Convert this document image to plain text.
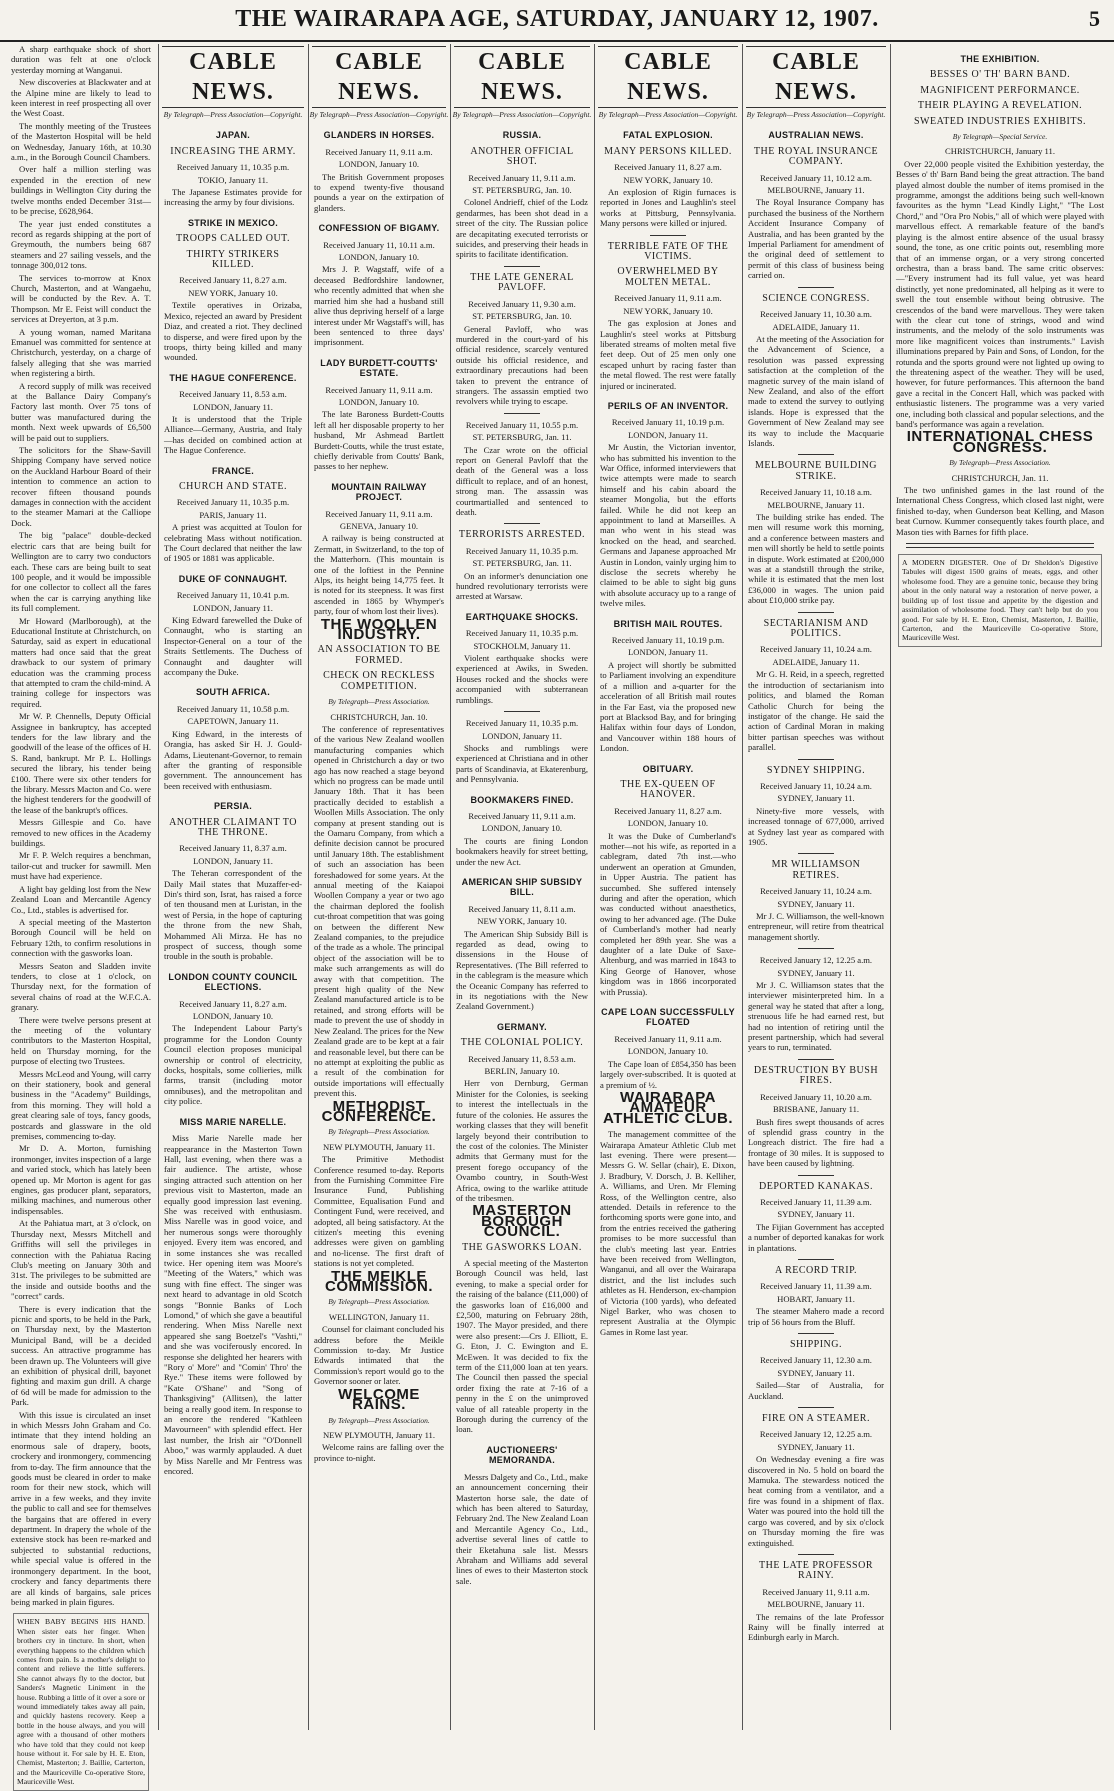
THE WAIRARAPA AGE, SATURDAY, JANUARY 12, 1907.	5

A sharp earthquake shock of short duration was felt at one o'clock yesterday morning at Wanganui.

New discoveries at Blackwater and at the Alpine mine are likely to lead to keen interest in reef prospecting all over the West Coast.

The monthly meeting of the Trustees of the Masterton Hospital will be held on Wednesday, January 16th, at 10.30 a.m., in the Borough Council Chambers.

Over half a million sterling was expended in the erection of new buildings in Wellington City during the twelve months ended December 31st—to be precise, £628,964.

The year just ended constitutes a record as regards shipping at the port of Greymouth, the numbers being 687 steamers and 27 sailing vessels, and the tonnage 300,012 tons.

The services to-morrow at Knox Church, Masterton, and at Wangaehu, will be conducted by the Rev. A. T. Thompson. Mr E. Feist will conduct the services at Dreyerton, at 3 p.m.

A young woman, named Maritana Emanuel was committed for sentence at Christchurch, yesterday, on a charge of falsely alleging that she was married when registering a birth.

A record supply of milk was received at the Ballance Dairy Company's Factory last month. Over 75 tons of butter was manufactured during the month. Next week upwards of £6,500 will be paid out to suppliers.

The solicitors for the Shaw-Savill Shipping Company have served notice on the Auckland Harbour Board of their intention to commence an action to recover fifteen thousand pounds damages in connection with the accident to the steamer Mamari at the Calliope Dock.

The big "palace" double-decked electric cars that are being built for Wellington are to carry two conductors each. These cars are being built to seat 100 people, and it would be impossible for one collector to collect all the fares when the car is carrying anything like its full complement.

Mr Howard (Marlborough), at the Educational Institute at Christchurch, on Saturday, said as expert in educational matters had once said that the great drawback to our system of primary education was the cramming process that attempted to cram the child-mind. A training college for inspectors was required.

Mr W. P. Chennells, Deputy Official Assignee in bankruptcy, has accepted tenders for the law library and the goodwill of the lease of the offices of H. S. Rand, bankrupt. Mr P. L. Hollings secured the library, his tender being £100. There were six other tenders for the library. Messrs Macton and Co. were the highest tenderers for the goodwill of the lease of the bankrupt's offices.

Messrs Gillespie and Co. have removed to new offices in the Academy buildings.

Mr F. P. Welch requires a benchman, tailor-cut and trucker for sawmill. Men must have had experience.

A light bay gelding lost from the New Zealand Loan and Mercantile Agency Co., Ltd., stables is advertised for.

A special meeting of the Masterton Borough Council will be held on February 12th, to confirm resolutions in connection with the gasworks loan.

Messrs Seaton and Sladden invite tenders, to close at 1 o'clock, on Thursday next, for the formation of several chains of road at the W.F.C.A. granary.

There were twelve persons present at the meeting of the voluntary contributors to the Masterton Hospital, held on Thursday morning, for the purpose of electing two Trustees.

Messrs McLeod and Young, will carry on their stationery, book and general business in the "Academy" Buildings, from this morning. They will hold a great clearing sale of toys, fancy goods, postcards and glassware in the old premises, commencing to-day.

Mr D. A. Morton, furnishing ironmonger, invites inspection of a large and varied stock, which has lately been opened up. Mr Morton is agent for gas engines, gas producer plant, separators, milking machines, and numerous other indispensables.

At the Pahiatua mart, at 3 o'clock, on Thursday next, Messrs Mitchell and Griffiths will sell the privileges in connection with the Pahiatua Racing Club's meeting on January 30th and 31st. The privileges to be submitted are the inside and outside booths and the "correct" cards.

There is every indication that the picnic and sports, to be held in the Park, on Thursday next, by the Masterton Municipal Band, will be a decided success. An attractive programme has been drawn up. The Volunteers will give an exhibition of physical drill, bayonet fighting and maxim gun drill. A charge of 6d will be made for admission to the Park.

With this issue is circulated an inset in which Messrs John Graham and Co. intimate that they intend holding an enormous sale of drapery, boots, crockery and ironmongery, commencing from to-day. The firm announce that the goods must be cleared in order to make room for their new stock, which will arrive in a few weeks, and they invite the public to call and see for themselves the bargains that are offered in every department. In drapery the whole of the extensive stock has been re-marked and subjected to substantial reductions, while special value is offered in the ironmongery department. In the boot, crockery and fancy departments there are all kinds of bargains, sale prices being marked in plain figures.

WHEN BABY BEGINS HIS HAND. When sister eats her finger. When brothers cry in tincture. In short, when everything happens to the children which comes from pain. Is a mother's delight to content and relieve the little sufferers. She cannot always fly to the doctor, but Sanders's Magnetic Liniment in the house. Rubbing a little of it over a sore or wound immediately takes away all pain, and quickly hastens recovery. Keep a bottle in the house always, and you will agree with a thousand of other mothers who have told that they could not keep house without it. For sale by H. E. Eton, Chemist, Masterton; J. Baillie, Carterton, and the Mauriceville Co-operative Store, Mauriceville West.
CABLE NEWS.
By Telegraph—Press Association—Copyright.
JAPAN.
INCREASING THE ARMY.
Received January 11, 10.35 p.m.
TOKIO, January 11.

The Japanese Estimates provide for increasing the army by four divisions.

STRIKE IN MEXICO.
TROOPS CALLED OUT.
THIRTY STRIKERS KILLED.
Received January 11, 8.27 a.m.
NEW YORK, January 10.

Textile operatives in Orizaba, Mexico, rejected an award by President Diaz, and created a riot. They declined to disperse, and were fired upon by the troops, thirty being killed and many wounded.

THE HAGUE CONFERENCE.
Received January 11, 8.53 a.m.
LONDON, January 11.

It is understood that the Triple Alliance—Germany, Austria, and Italy—has decided on combined action at The Hague Conference.

FRANCE.
CHURCH AND STATE.
Received January 11, 10.35 p.m.
PARIS, January 11.

A priest was acquitted at Toulon for celebrating Mass without notification. The Court declared that neither the law of 1905 or 1881 was applicable.

DUKE OF CONNAUGHT.
Received January 11, 10.41 p.m.
LONDON, January 11.

King Edward farewelled the Duke of Connaught, who is starting an Inspector-General on a tour of the Straits Settlements. The Duchess of Connaught and daughter will accompany the Duke.

SOUTH AFRICA.
Received January 11, 10.58 p.m.
CAPETOWN, January 11.

King Edward, in the interests of Orangia, has asked Sir H. J. Gould-Adams, Lieutenant-Governor, to remain after the granting of responsible government. The announcement has been received with enthusiasm.

PERSIA.
ANOTHER CLAIMANT TO THE THRONE.
Received January 11, 8.37 a.m.
LONDON, January 11.

The Teheran correspondent of the Daily Mail states that Muzaffer-ed-Din's third son, Israt, has raised a force of ten thousand men at Luristan, in the west of Persia, in the hope of capturing the throne from the new Shah, Mohammed Ali Mirza. He has no prospect of success, though some trouble in the south is probable.

LONDON COUNTY COUNCIL ELECTIONS.
Received January 11, 8.27 a.m.
LONDON, January 10.

The Independent Labour Party's programme for the London County Council election proposes municipal ownership or control of electricity, docks, hospitals, some collieries, milk farms, transit (including motor omnibuses), and the metropolitan and city police.

MISS MARIE NARELLE.

Miss Marie Narelle made her reappearance in the Masterton Town Hall, last evening, when there was a fair audience. The artiste, whose singing attracted such attention on her previous visit to Masterton, made an equally good impression last evening. She was received with enthusiasm. Miss Narelle was in good voice, and her numerous songs were thoroughly enjoyed. Every item was encored, and in some instances she was recalled twice. Her opening item was Moore's "Meeting of the Waters," which was sung with fine effect. The singer was next heard to advantage in old Scotch songs "Bonnie Banks of Loch Lomond," of which she gave a beautiful rendering. When Miss Narelle next appeared she sang Boetzel's "Vashti," and she was vociferously encored. In response she delighted her hearers with "Rory o' More" and "Comin' Thro' the Rye." These items were followed by "Kate O'Shane" and "Song of Thanksgiving" (Allitsen), the latter being a really good item. In response to an encore the rendered "Kathleen Mavourneen" with splendid effect. Her last number, the Irish air "O'Donnell Aboo," was warmly applauded. A duet by Miss Narelle and Mr Fentress was encored.

CABLE NEWS.
By Telegraph—Press Association—Copyright.
GLANDERS IN HORSES.
Received January 11, 9.11 a.m.
LONDON, January 10.

The British Government proposes to expend twenty-five thousand pounds a year on the extirpation of glanders.

CONFESSION OF BIGAMY.
Received January 11, 10.11 a.m.
LONDON, January 10.

Mrs J. P. Wagstaff, wife of a deceased Bedfordshire landowner, who recently admitted that when she married him she had a husband still alive thus depriving herself of a large interest under Mr Wagstaff's will, has been sentenced to three days' imprisonment.

LADY BURDETT-COUTTS' ESTATE.
Received January 11, 9.11 a.m.
LONDON, January 10.

The late Baroness Burdett-Coutts left all her disposable property to her husband, Mr Ashmead Bartlett Burdett-Coutts, while the trust estate, chiefly derivable from Coutts' Bank, passes to her nephew.

MOUNTAIN RAILWAY PROJECT.
Received January 11, 9.11 a.m.
GENEVA, January 10.

A railway is being constructed at Zermatt, in Switzerland, to the top of the Matterhorn. (This mountain is one of the loftiest in the Pennine Alps, its height being 14,775 feet. It is noted for its steepness. It was first ascended in 1865 by Whymper's party, four of whom lost their lives).

THE WOOLLEN INDUSTRY.
AN ASSOCIATION TO BE FORMED.
CHECK ON RECKLESS COMPETITION.
By Telegraph—Press Association.
CHRISTCHURCH, Jan. 10.

The conference of representatives of the various New Zealand woollen manufacturing companies which opened in Christchurch a day or two ago has now reached a stage beyond which no progress can be made until January 18th. That it has been practically decided to establish a Woollen Mills Association. The only company at present standing out is the Oamaru Company, from which a definite decision cannot be procured until January 18th. The establishment of such an association has been foreshadowed for some years. At the annual meeting of the Kaiapoi Woollen Company a year or two ago the chairman deplored the foolish cut-throat competition that was going on between the different New Zealand companies, to the prejudice of the trade as a whole. The principal object of the association will be to make such arrangements as will do away with that competition. The present high quality of the New Zealand manufactured article is to be retained, and strong efforts will be made to prevent the use of shoddy in New Zealand. The prices for the New Zealand grade are to be kept at a fair and reasonable level, but there can be no attempt at exploiting the public as a result of the combination for outside importations will effectually prevent this.

METHODIST CONFERENCE.
By Telegraph—Press Association.
NEW PLYMOUTH, January 11.

The Primitive Methodist Conference resumed to-day. Reports from the Furnishing Committee Fire Insurance Fund, Publishing Committee, Equalisation Fund and Contingent Fund, were received, and adopted, all being satisfactory. At the citizen's meeting this evening addresses were given on gambling and no-license. The first draft of stations is not yet completed.

THE MEIKLE COMMISSION.
By Telegraph—Press Association.
WELLINGTON, January 11.

Counsel for claimant concluded his address before the Meikle Commission to-day. Mr Justice Edwards intimated that the Commission's report would go to the Governor sooner or later.

WELCOME RAINS.
By Telegraph—Press Association.
NEW PLYMOUTH, January 11.

Welcome rains are falling over the province to-night.

CABLE NEWS.
By Telegraph—Press Association—Copyright.
RUSSIA.
ANOTHER OFFICIAL SHOT.
Received January 11, 9.11 a.m.
ST. PETERSBURG, Jan. 10.

Colonel Andrieff, chief of the Lodz gendarmes, has been shot dead in a street of the city. The Russian police are decapitating executed terrorists or suicides, and preserving their heads in spirits to facilitate identification.

THE LATE GENERAL PAVLOFF.
Received January 11, 9.30 a.m.
ST. PETERSBURG, Jan. 10.

General Pavloff, who was murdered in the court-yard of his official residence, scarcely ventured outside his official residence, and extraordinary precautions had been taken to prevent the entrance of strangers. The assassin emptied two revolvers while trying to escape.

Received January 11, 10.55 p.m.
ST. PETERSBURG, Jan. 11.

The Czar wrote on the official report on General Pavloff that the death of the General was a loss difficult to replace, and of an honest, strong man. The assassin was courtmartialled and sentenced to death.

TERRORISTS ARRESTED.
Received January 11, 10.35 p.m.
ST. PETERSBURG, Jan. 11.

On an informer's denunciation one hundred revolutionary terrorists were arrested at Warsaw.

EARTHQUAKE SHOCKS.
Received January 11, 10.35 p.m.
STOCKHOLM, January 11.

Violent earthquake shocks were experienced at Awiks, in Sweden. Houses rocked and the shocks were accompanied with subterranean rumblings.

Received January 11, 10.35 p.m.
LONDON, January 11.

Shocks and rumblings were experienced at Christiana and in other parts of Scandinavia, at Ekaterenburg, and Pennsylvania.

BOOKMAKERS FINED.
Received January 11, 9.11 a.m.
LONDON, January 10.

The courts are fining London bookmakers heavily for street betting, under the new Act.

AMERICAN SHIP SUBSIDY BILL.
Received January 11, 8.11 a.m.
NEW YORK, January 10.

The American Ship Subsidy Bill is regarded as dead, owing to dissensions in the House of Representatives. (The Bill referred to in the cablegram is the measure which the Oceanic Company has referred to in its negotiations with the New Zealand Government.)

GERMANY.
THE COLONIAL POLICY.
Received January 11, 8.53 a.m.
BERLIN, January 10.

Herr von Dernburg, German Minister for the Colonies, is seeking to interest the intellectuals in the future of the colonies. He assures the working classes that they will benefit largely beyond their contribution to the cost of the colonies. The Minister admits that Germany must for the present forego occupancy of the Ovambo country, in South-West Africa, owing to the warlike attitude of the tribesmen.

MASTERTON BOROUGH COUNCIL.
THE GASWORKS LOAN.

A special meeting of the Masterton Borough Council was held, last evening, to make a special order for the raising of the balance (£11,000) of the gasworks loan of £16,000 and £2,500, maturing on February 28th, 1907. The Mayor presided, and there were also present:—Crs J. Elliott, E. G. Eton, J. C. Ewington and E. McEwen. It was decided to fix the term of the £11,000 loan at ten years. The Council then passed the special order fixing the rate at 7-16 of a penny in the £ on the unimproved value of all rateable property in the Borough during the currency of the loan.

AUCTIONEERS' MEMORANDA.

Messrs Dalgety and Co., Ltd., make an announcement concerning their Masterton horse sale, the date of which has been altered to Saturday, February 2nd. The New Zealand Loan and Mercantile Agency Co., Ltd., advertise several lines of cattle to their Eketahuna sale list. Messrs Abraham and Williams add several lines of ewes to their Masterton stock sale.

CABLE NEWS.
By Telegraph—Press Association—Copyright.
FATAL EXPLOSION.
MANY PERSONS KILLED.
Received January 11, 8.27 a.m.
NEW YORK, January 10.

An explosion of Rigin furnaces is reported in Jones and Laughlin's steel works at Pittsburg, Pennsylvania. Many persons were killed or injured.

TERRIBLE FATE OF THE VICTIMS.
OVERWHELMED BY MOLTEN METAL.
Received January 11, 9.11 a.m.
NEW YORK, January 10.

The gas explosion at Jones and Laughlin's steel works at Pittsburg liberated streams of molten metal five feet deep. Out of 25 men only one escaped unhurt by racing faster than the metal flowed. The rest were fatally injured or incinerated.

PERILS OF AN INVENTOR.
Received January 11, 10.19 p.m.
LONDON, January 11.

Mr Austin, the Victorian inventor, who has submitted his invention to the War Office, informed interviewers that twice attempts were made to search himself and his cabin aboard the steamer Mongolia, but the efforts failed. While he did not keep an appointment to land at Marseilles. A man who went in his stead was knocked on the head, and searched. Germans and Japanese approached Mr Austin in London, vainly urging him to disclose the secrets whereby he claimed to be able to sight big guns with absolute accuracy up to a range of twelve miles.

BRITISH MAIL ROUTES.
Received January 11, 10.19 p.m.
LONDON, January 11.

A project will shortly be submitted to Parliament involving an expenditure of a million and a-quarter for the acceleration of all British mail routes in the Far East, via the proposed new port at Blacksod Bay, and for bringing Halifax within four days of London, and Vancouver within 188 hours of London.

OBITUARY.
THE EX-QUEEN OF HANOVER.
Received January 11, 8.27 a.m.
LONDON, January 10.

It was the Duke of Cumberland's mother—not his wife, as reported in a cablegram, dated 7th inst.—who underwent an operation at Gmunden, in Upper Austria. The patient has succumbed. She suffered intensely during and after the operation, which was conducted without anaesthetics, owing to her advanced age. (The Duke of Cumberland's mother had nearly completed her 89th year. She was a daughter of a late Duke of Saxe-Altenburg, and was married in 1843 to King George of Hanover, whose kingdom was in 1866 incorporated with Prussia).

CAPE LOAN SUCCESSFULLY FLOATED
Received January 11, 9.11 a.m.
LONDON, January 10.

The Cape loan of £854,350 has been largely over-subscribed. It is quoted at a premium of ½.

WAIRARAPA AMATEUR ATHLETIC CLUB.

The management committee of the Wairarapa Amateur Athletic Club met last evening. There were present—Messrs G. W. Sellar (chair), E. Dixon, J. Bradbury, V. Dorsch, J. B. Kelliher, A. Williams, and Uren. Mr Fleming Ross, of the Wellington centre, also attended. Details in reference to the forthcoming sports were gone into, and from the entries received the gathering promises to be more successful than the club's meeting last year. Entries have been received from Wellington, Wanganui, and all over the Wairarapa district, and the list includes such athletes as H. Henderson, ex-champion of Victoria (100 yards), who defeated Nigel Barker, who was chosen to represent Australia at the Olympic Games in Rome last year.

CABLE NEWS.
By Telegraph—Press Association—Copyright.
AUSTRALIAN NEWS.
THE ROYAL INSURANCE COMPANY.
Received January 11, 10.12 a.m.
MELBOURNE, January 11.

The Royal Insurance Company has purchased the business of the Northern Accident Insurance Company of Australia, and has been granted by the Imperial Parliament for amendment of the original deed of settlement to permit of this class of business being carried on.

SCIENCE CONGRESS.
Received January 11, 10.30 a.m.
ADELAIDE, January 11.

At the meeting of the Association for the Advancement of Science, a resolution was passed expressing satisfaction at the completion of the magnetic survey of the main island of New Zealand, and also of the effort made to extend the survey to outlying islands. Hope is expressed that the Government of New Zealand may see its way to include the Macquarie Islands.

MELBOURNE BUILDING STRIKE.
Received January 11, 10.18 a.m.
MELBOURNE, January 11.

The building strike has ended. The men will resume work this morning, and a conference between masters and men will shortly be held to settle points in dispute. Work estimated at £200,000 was at a standstill through the strike, while it is estimated that the men lost £36,000 in wages. The union paid about £10,000 strike pay.

SECTARIANISM AND POLITICS.
Received January 11, 10.24 a.m.
ADELAIDE, January 11.

Mr G. H. Reid, in a speech, regretted the introduction of sectarianism into politics, and blamed the Roman Catholic Church for being the instigator of the change. He said the action of Cardinal Moran in making bitter partisan speeches was without parallel.

SYDNEY SHIPPING.
Received January 11, 10.24 a.m.
SYDNEY, January 11.

Ninety-five more vessels, with increased tonnage of 677,000, arrived at Sydney last year as compared with 1905.

MR WILLIAMSON RETIRES.
Received January 11, 10.24 a.m.
SYDNEY, January 11.

Mr J. C. Williamson, the well-known entrepreneur, will retire from theatrical management shortly.

Received January 12, 12.25 a.m.
SYDNEY, January 11.

Mr J. C. Williamson states that the interviewer misinterpreted him. In a general way he stated that after a long, strenuous life he had earned rest, but had no intention of retiring until the present partnership, which had several years to run, terminated.

DESTRUCTION BY BUSH FIRES.
Received January 11, 10.20 a.m.
BRISBANE, January 11.

Bush fires swept thousands of acres of splendid grass country in the Longreach district. The fire had a frontage of 30 miles. It is supposed to have been caused by lightning.

DEPORTED KANAKAS.
Received January 11, 11.39 a.m.
SYDNEY, January 11.

The Fijian Government has accepted a number of deported kanakas for work in plantations.

A RECORD TRIP.
Received January 11, 11.39 a.m.
HOBART, January 11.

The steamer Mahero made a record trip of 56 hours from the Bluff.

SHIPPING.
Received January 11, 12.30 a.m.
SYDNEY, January 11.

Sailed—Star of Australia, for Auckland.

FIRE ON A STEAMER.
Received January 12, 12.25 a.m.
SYDNEY, January 11.

On Wednesday evening a fire was discovered in No. 5 hold on board the Mamuka. The stewardess noticed the heat coming from a ventilator, and a fire was found in a shipment of flax. Water was poured into the hold till the cargo was covered, and by six o'clock on Thursday morning the fire was extinguished.

THE LATE PROFESSOR RAINY.
Received January 11, 9.11 a.m.
MELBOURNE, January 11.

The remains of the late Professor Rainy will be finally interred at Edinburgh early in March.

THE EXHIBITION.
BESSES O' TH' BARN BAND.
MAGNIFICENT PERFORMANCE.
THEIR PLAYING A REVELATION.
SWEATED INDUSTRIES EXHIBITS.
By Telegraph—Special Service.
CHRISTCHURCH, January 11.

Over 22,000 people visited the Exhibition yesterday, the Besses o' th' Barn Band being the great attraction. The band played almost double the number of items promised in the programme, amongst the additions being such well-known favourites as the hymn "Lead Kindly Light," "The Lost Chord," and "Ora Pro Nobis," all of which were played with marvellous effect. A remarkable feature of the band's playing is the almost entire absence of the usual brassy sound, the tone, as one critic points out, resembling more that of an immense organ, or a very strong concerted orchestra, than a brass band. The same critic observes:—"Every instrument had its full value, yet was heard distinctly, yet none predominated, all helping as it were to swell the tout ensemble without being obtrusive. The crescendos of the band were marvellous. They were taken with the clear cut tone of strings, wood and wind instruments, and the melody of the solo instruments was more like magnificent voices than instruments." Lavish illuminations prepared by Pain and Sons, of London, for the rotunda and the sports ground were not lighted up owing to the threatening aspect of the weather. They will be used, however, for future performances. This afternoon the band gave a recital in the Concert Hall, which was packed with enthusiastic listeners. The programme was a very varied one, including both classical and popular selections, and the band's performance was again a revelation.

INTERNATIONAL CHESS CONGRESS.
By Telegraph—Press Association.
CHRISTCHURCH, Jan. 11.

The two unfinished games in the last round of the International Chess Congress, which closed last night, were finished to-day, when Gunderson beat Kelling, and Mason beat Curnow. Kummer consequently takes fourth place, and Mason ties with Barnes for fifth place.

A MODERN DIGESTER. One of Dr Sheldon's Digestive Tabules will digest 1500 grains of meats, eggs, and other wholesome food. They are a genuine tonic, because they bring about in the only natural way a restoration of nerve power, a building up of lost tissue and appetite by the digestion and assimilation of wholesome food. They can't help but do you good. For sale by H. E. Eton, Chemist, Masterton, J. Baillie, Carterton, and the Mauriceville Co-operative Store, Mauriceville West.
